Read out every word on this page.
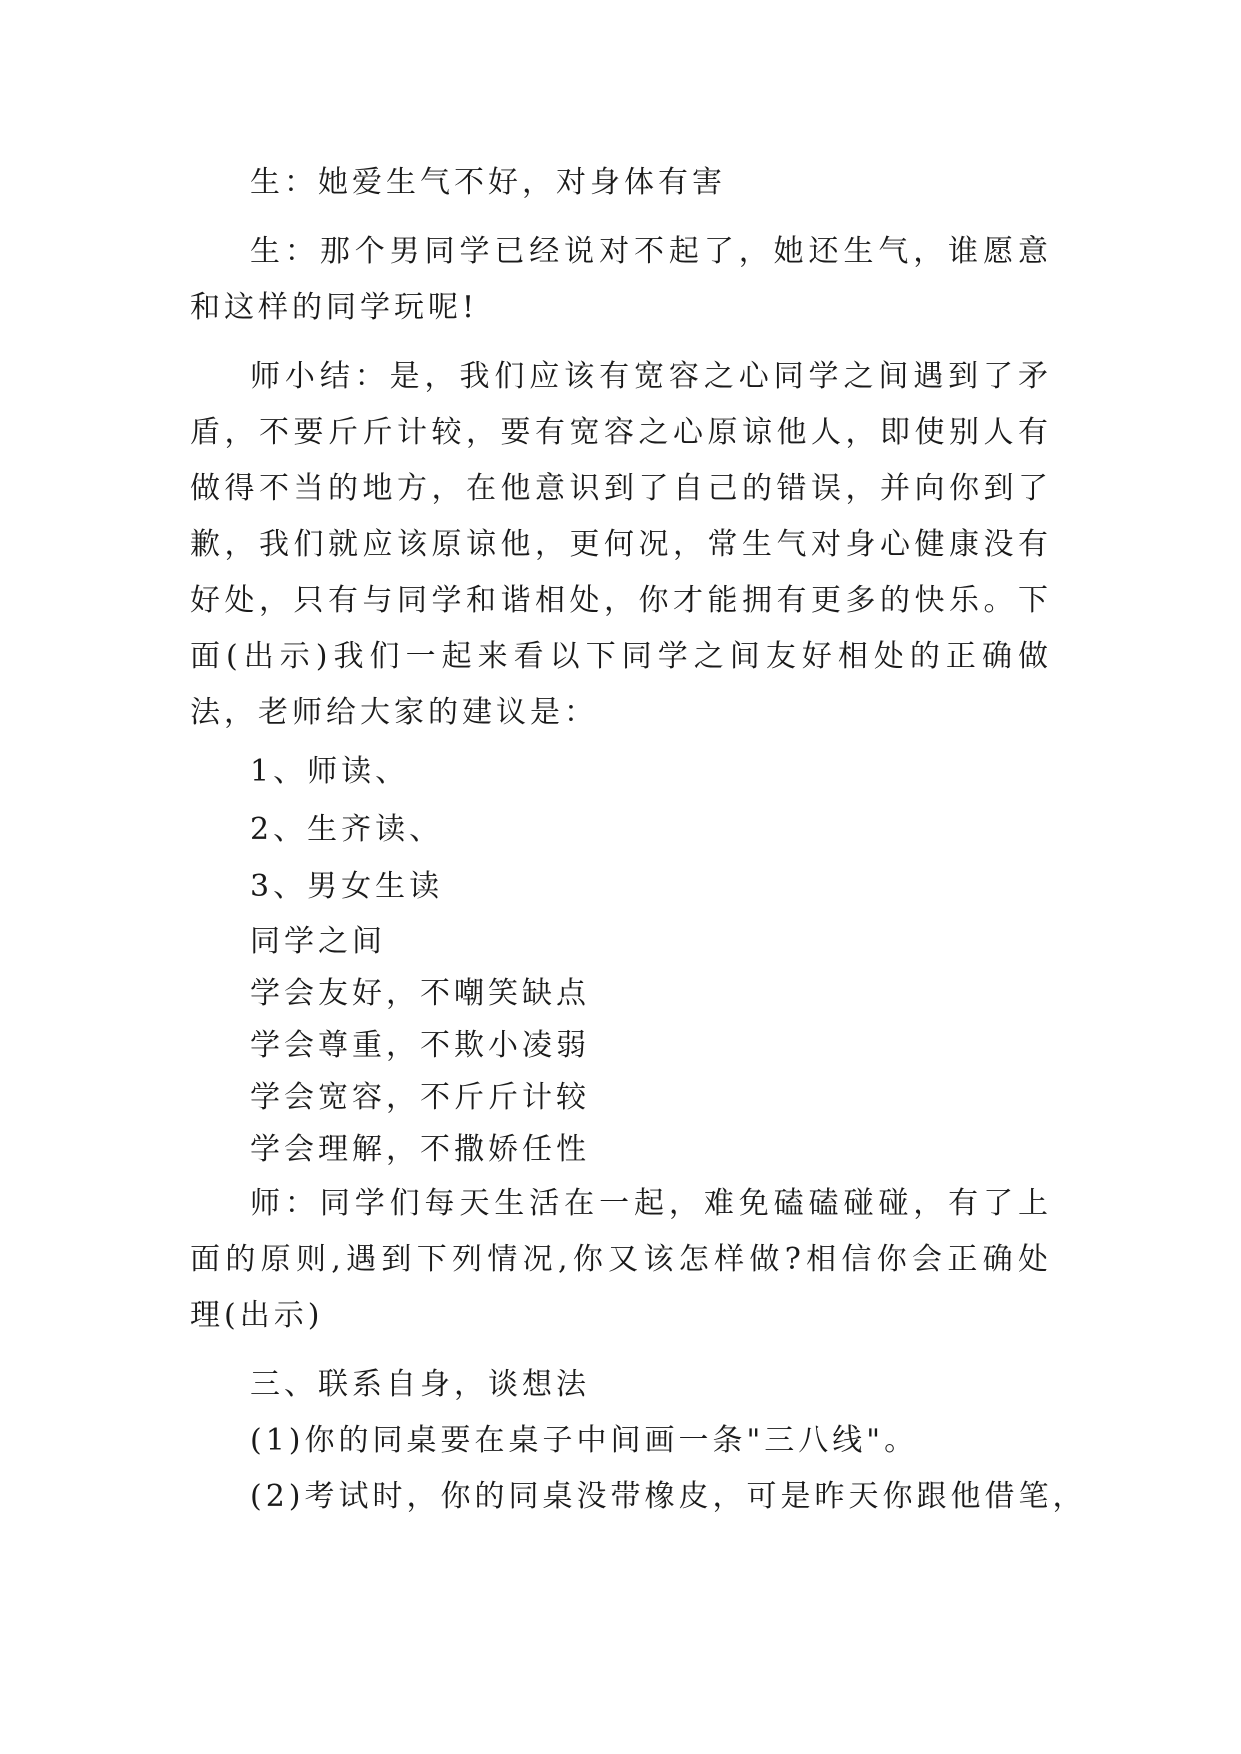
生：她爱生气不好，对身体有害

生：那个男同学已经说对不起了，她还生气，谁愿意和这样的同学玩呢!

师小结：是，我们应该有宽容之心同学之间遇到了矛盾，不要斤斤计较，要有宽容之心原谅他人，即使别人有做得不当的地方，在他意识到了自己的错误，并向你到了歉，我们就应该原谅他，更何况，常生气对身心健康没有好处，只有与同学和谐相处，你才能拥有更多的快乐。下面(出示)我们一起来看以下同学之间友好相处的正确做法，老师给大家的建议是：

1、师读、

2、生齐读、

3、男女生读

同学之间

学会友好，不嘲笑缺点

学会尊重，不欺小凌弱

学会宽容，不斤斤计较

学会理解，不撒娇任性

师：同学们每天生活在一起，难免磕磕碰碰，有了上面的原则,遇到下列情况,你又该怎样做?相信你会正确处理(出示)

三、联系自身，谈想法

(1)你的同桌要在桌子中间画一条"三八线"。

(2)考试时，你的同桌没带橡皮，可是昨天你跟他借笔，
